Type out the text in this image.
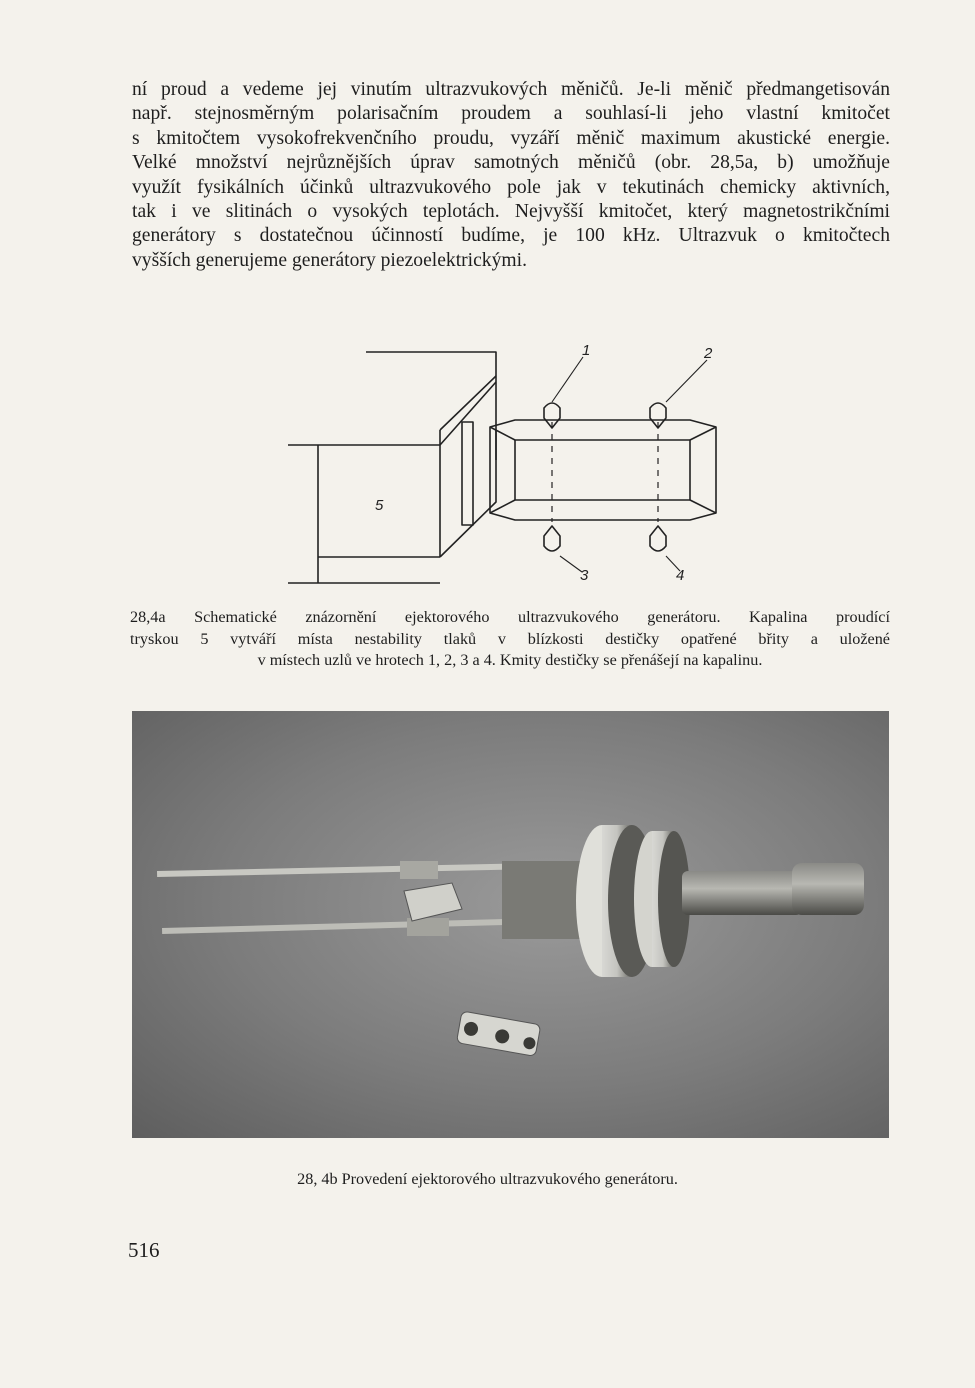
ní proud a vedeme jej vinutím ultrazvukových měničů. Je-li měnič předmangetisován
např. stejnosměrným polarisačním proudem a souhlasí-li jeho vlastní kmitočet
s kmitočtem vysokofrekvenčního proudu, vyzáří měnič maximum akustické energie.
Velké množství nejrůznějších úprav samotných měničů (obr. 28,5a, b) umožňuje
využít fysikálních účinků ultrazvukového pole jak v tekutinách chemicky aktivních,
tak i ve slitinách o vysokých teplotách. Nejvyšší kmitočet, který magnetostrikčními
generátory s dostatečnou účinností budíme, je 100 kHz. Ultrazvuk o kmitočtech
vyšších generujeme generátory piezoelektrickými.

1	2
3	4
5
28,4a Schematické znázornění ejektorového ultrazvukového generátoru. Kapalina proudící
tryskou 5 vytváří místa nestability tlaků v blízkosti destičky opatřené břity a uložené
v místech uzlů ve hrotech 1, 2, 3 a 4. Kmity destičky se přenášejí na kapalinu.
28, 4b Provedení ejektorového ultrazvukového generátoru.
516
